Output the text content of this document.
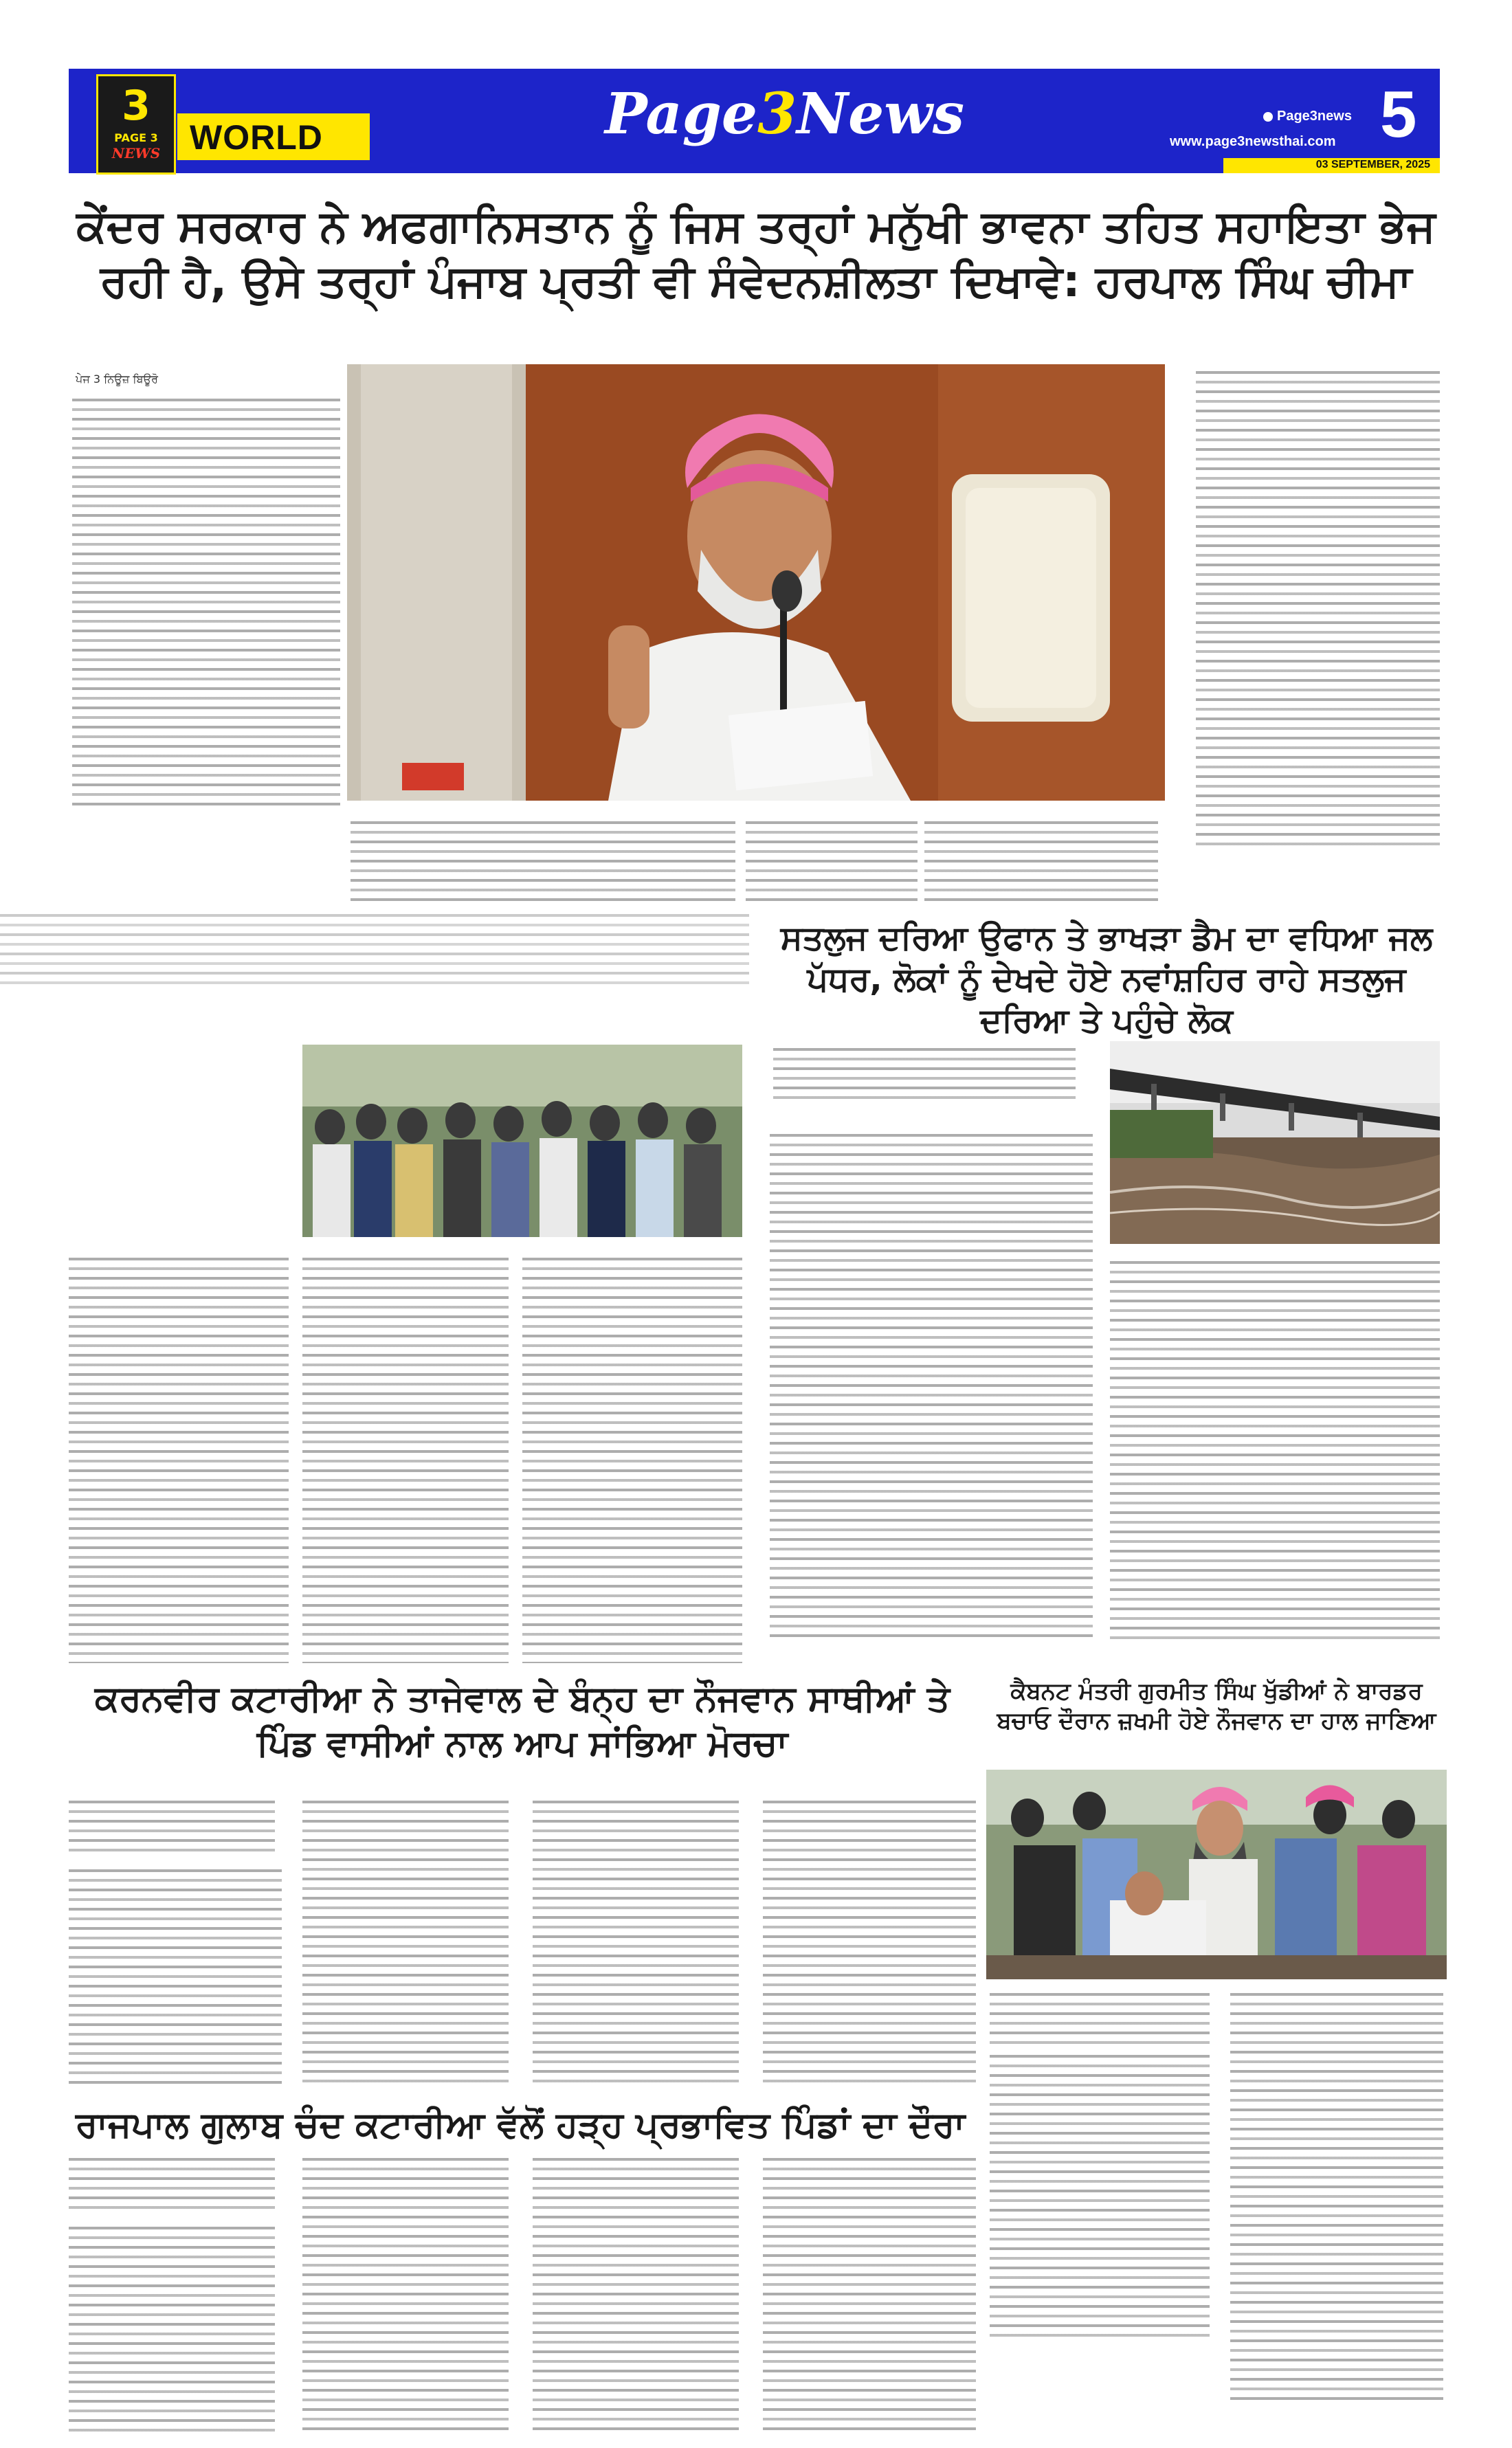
3
PAGE 3
NEWS WORLD	Page3News	Page3news
www.page3newsthai.com 5
03 SEPTEMBER, 2025
ਕੇਂਦਰ ਸਰਕਾਰ ਨੇ ਅਫਗਾਨਿਸਤਾਨ ਨੂੰ ਜਿਸ ਤਰ੍ਹਾਂ ਮਨੁੱਖੀ ਭਾਵਨਾ ਤਹਿਤ ਸਹਾਇਤਾ ਭੇਜ ਰਹੀ ਹੈ, ਉਸੇ ਤਰ੍ਹਾਂ ਪੰਜਾਬ ਪ੍ਰਤੀ ਵੀ ਸੰਵੇਦਨਸ਼ੀਲਤਾ ਦਿਖਾਵੇ: ਹਰਪਾਲ ਸਿੰਘ ਚੀਮਾ
ਪੇਜ 3 ਨਿਊਜ਼ ਬਿਊਰੋ
ਸਤਲੁਜ ਦਰਿਆ ਉਫਾਨ ਤੇ ਭਾਖੜਾ ਡੈਮ ਦਾ ਵਧਿਆ ਜਲ ਪੱਧਰ, ਲੋਕਾਂ ਨੂੰ ਦੇਖਦੇ ਹੋਏ ਨਵਾਂਸ਼ਹਿਰ ਰਾਹੇ ਸਤਲੁਜ ਦਰਿਆ ਤੇ ਪਹੁੰਚੇ ਲੋਕ
ਕਰਨਵੀਰ ਕਟਾਰੀਆ ਨੇ ਤਾਜੇਵਾਲ ਦੇ ਬੰਨ੍ਹ ਦਾ ਨੌਜਵਾਨ ਸਾਥੀਆਂ ਤੇ ਪਿੰਡ ਵਾਸੀਆਂ ਨਾਲ ਆਪ ਸਾਂਭਿਆ ਮੋਰਚਾ
ਰਾਜਪਾਲ ਗੁਲਾਬ ਚੰਦ ਕਟਾਰੀਆ ਵੱਲੋਂ ਹੜ੍ਹ ਪ੍ਰਭਾਵਿਤ ਪਿੰਡਾਂ ਦਾ ਦੌਰਾ
ਕੈਬਨਟ ਮੰਤਰੀ ਗੁਰਮੀਤ ਸਿੰਘ ਖੁੱਡੀਆਂ ਨੇ ਬਾਰਡਰ ਬਚਾਓ ਦੌਰਾਨ ਜ਼ਖਮੀ ਹੋਏ ਨੌਜਵਾਨ ਦਾ ਹਾਲ ਜਾਣਿਆ
